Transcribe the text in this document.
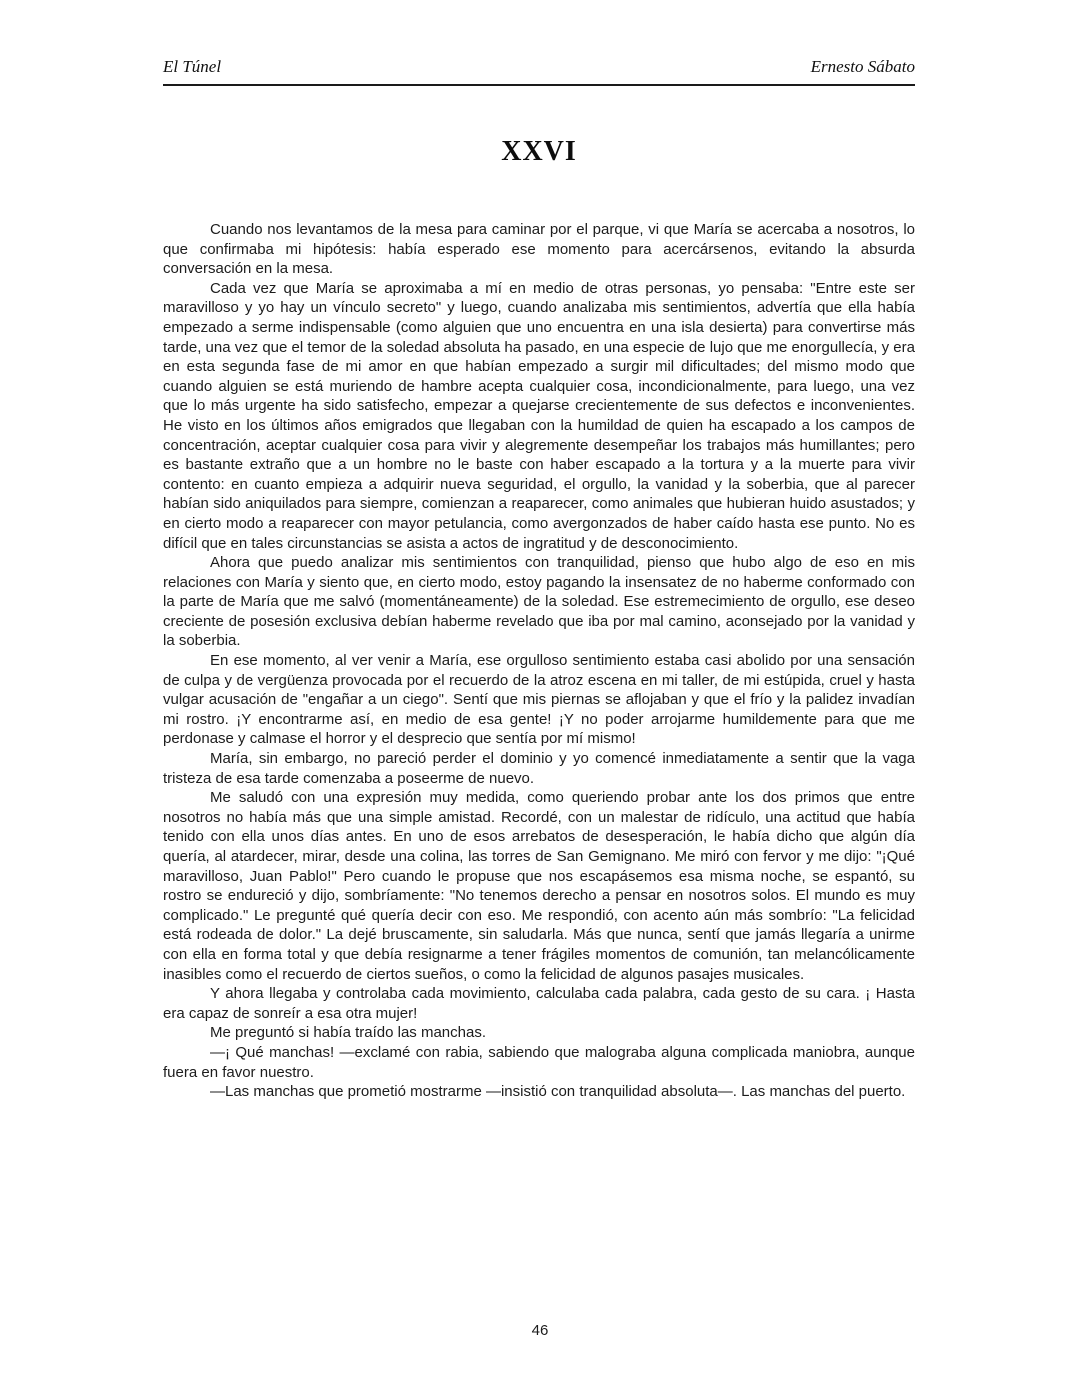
El Túnel	Ernesto Sábato
XXVI

Cuando nos levantamos de la mesa para caminar por el parque, vi que María se acercaba a nosotros, lo que confirmaba mi hipótesis: había esperado ese momento para acercársenos, evitando la absurda conversación en la mesa.

Cada vez que María se aproximaba a mí en medio de otras personas, yo pensaba: "Entre este ser maravilloso y yo hay un vínculo secreto" y luego, cuando analizaba mis sentimientos, advertía que ella había empezado a serme indispensable (como alguien que uno encuentra en una isla desierta) para convertirse más tarde, una vez que el temor de la soledad absoluta ha pasado, en una especie de lujo que me enorgullecía, y era en esta segunda fase de mi amor en que habían empezado a surgir mil dificultades; del mismo modo que cuando alguien se está muriendo de hambre acepta cualquier cosa, incondicionalmente, para luego, una vez que lo más urgente ha sido satisfecho, empezar a quejarse crecientemente de sus defectos e inconvenientes. He visto en los últimos años emigrados que llegaban con la humildad de quien ha escapado a los campos de concentración, aceptar cualquier cosa para vivir y alegremente desempeñar los trabajos más humillantes; pero es bastante extraño que a un hombre no le baste con haber escapado a la tortura y a la muerte para vivir contento: en cuanto empieza a adquirir nueva seguridad, el orgullo, la vanidad y la soberbia, que al parecer habían sido aniquilados para siempre, comienzan a reaparecer, como animales que hubieran huido asustados; y en cierto modo a reaparecer con mayor petulancia, como avergonzados de haber caído hasta ese punto. No es difícil que en tales circunstancias se asista a actos de ingratitud y de desconocimiento.

Ahora que puedo analizar mis sentimientos con tranquilidad, pienso que hubo algo de eso en mis relaciones con María y siento que, en cierto modo, estoy pagando la insensatez de no haberme conformado con la parte de María que me salvó (momentáneamente) de la soledad. Ese estremecimiento de orgullo, ese deseo creciente de posesión exclusiva debían haberme revelado que iba por mal camino, aconsejado por la vanidad y la soberbia.

En ese momento, al ver venir a María, ese orgulloso sentimiento estaba casi abolido por una sensación de culpa y de vergüenza provocada por el recuerdo de la atroz escena en mi taller, de mi estúpida, cruel y hasta vulgar acusación de "engañar a un ciego". Sentí que mis piernas se aflojaban y que el frío y la palidez invadían mi rostro. ¡Y encontrarme así, en medio de esa gente! ¡Y no poder arrojarme humildemente para que me perdonase y calmase el horror y el desprecio que sentía por mí mismo!

María, sin embargo, no pareció perder el dominio y yo comencé inmediatamente a sentir que la vaga tristeza de esa tarde comenzaba a poseerme de nuevo.

Me saludó con una expresión muy medida, como queriendo probar ante los dos primos que entre nosotros no había más que una simple amistad. Recordé, con un malestar de ridículo, una actitud que había tenido con ella unos días antes. En uno de esos arrebatos de desesperación, le había dicho que algún día quería, al atardecer, mirar, desde una colina, las torres de San Gemignano. Me miró con fervor y me dijo: "¡Qué maravilloso, Juan Pablo!" Pero cuando le propuse que nos escapásemos esa misma noche, se espantó, su rostro se endureció y dijo, sombríamente: "No tenemos derecho a pensar en nosotros solos. El mundo es muy complicado." Le pregunté qué quería decir con eso. Me respondió, con acento aún más sombrío: "La felicidad está rodeada de dolor." La dejé bruscamente, sin saludarla. Más que nunca, sentí que jamás llegaría a unirme con ella en forma total y que debía resignarme a tener frágiles momentos de comunión, tan melancólicamente inasibles como el recuerdo de ciertos sueños, o como la felicidad de algunos pasajes musicales.

Y ahora llegaba y controlaba cada movimiento, calculaba cada palabra, cada gesto de su cara. ¡ Hasta era capaz de sonreír a esa otra mujer!

Me preguntó si había traído las manchas.

—¡ Qué manchas! —exclamé con rabia, sabiendo que malograba alguna complicada maniobra, aunque fuera en favor nuestro.

—Las manchas que prometió mostrarme —insistió con tranquilidad absoluta—. Las manchas del puerto.

46
